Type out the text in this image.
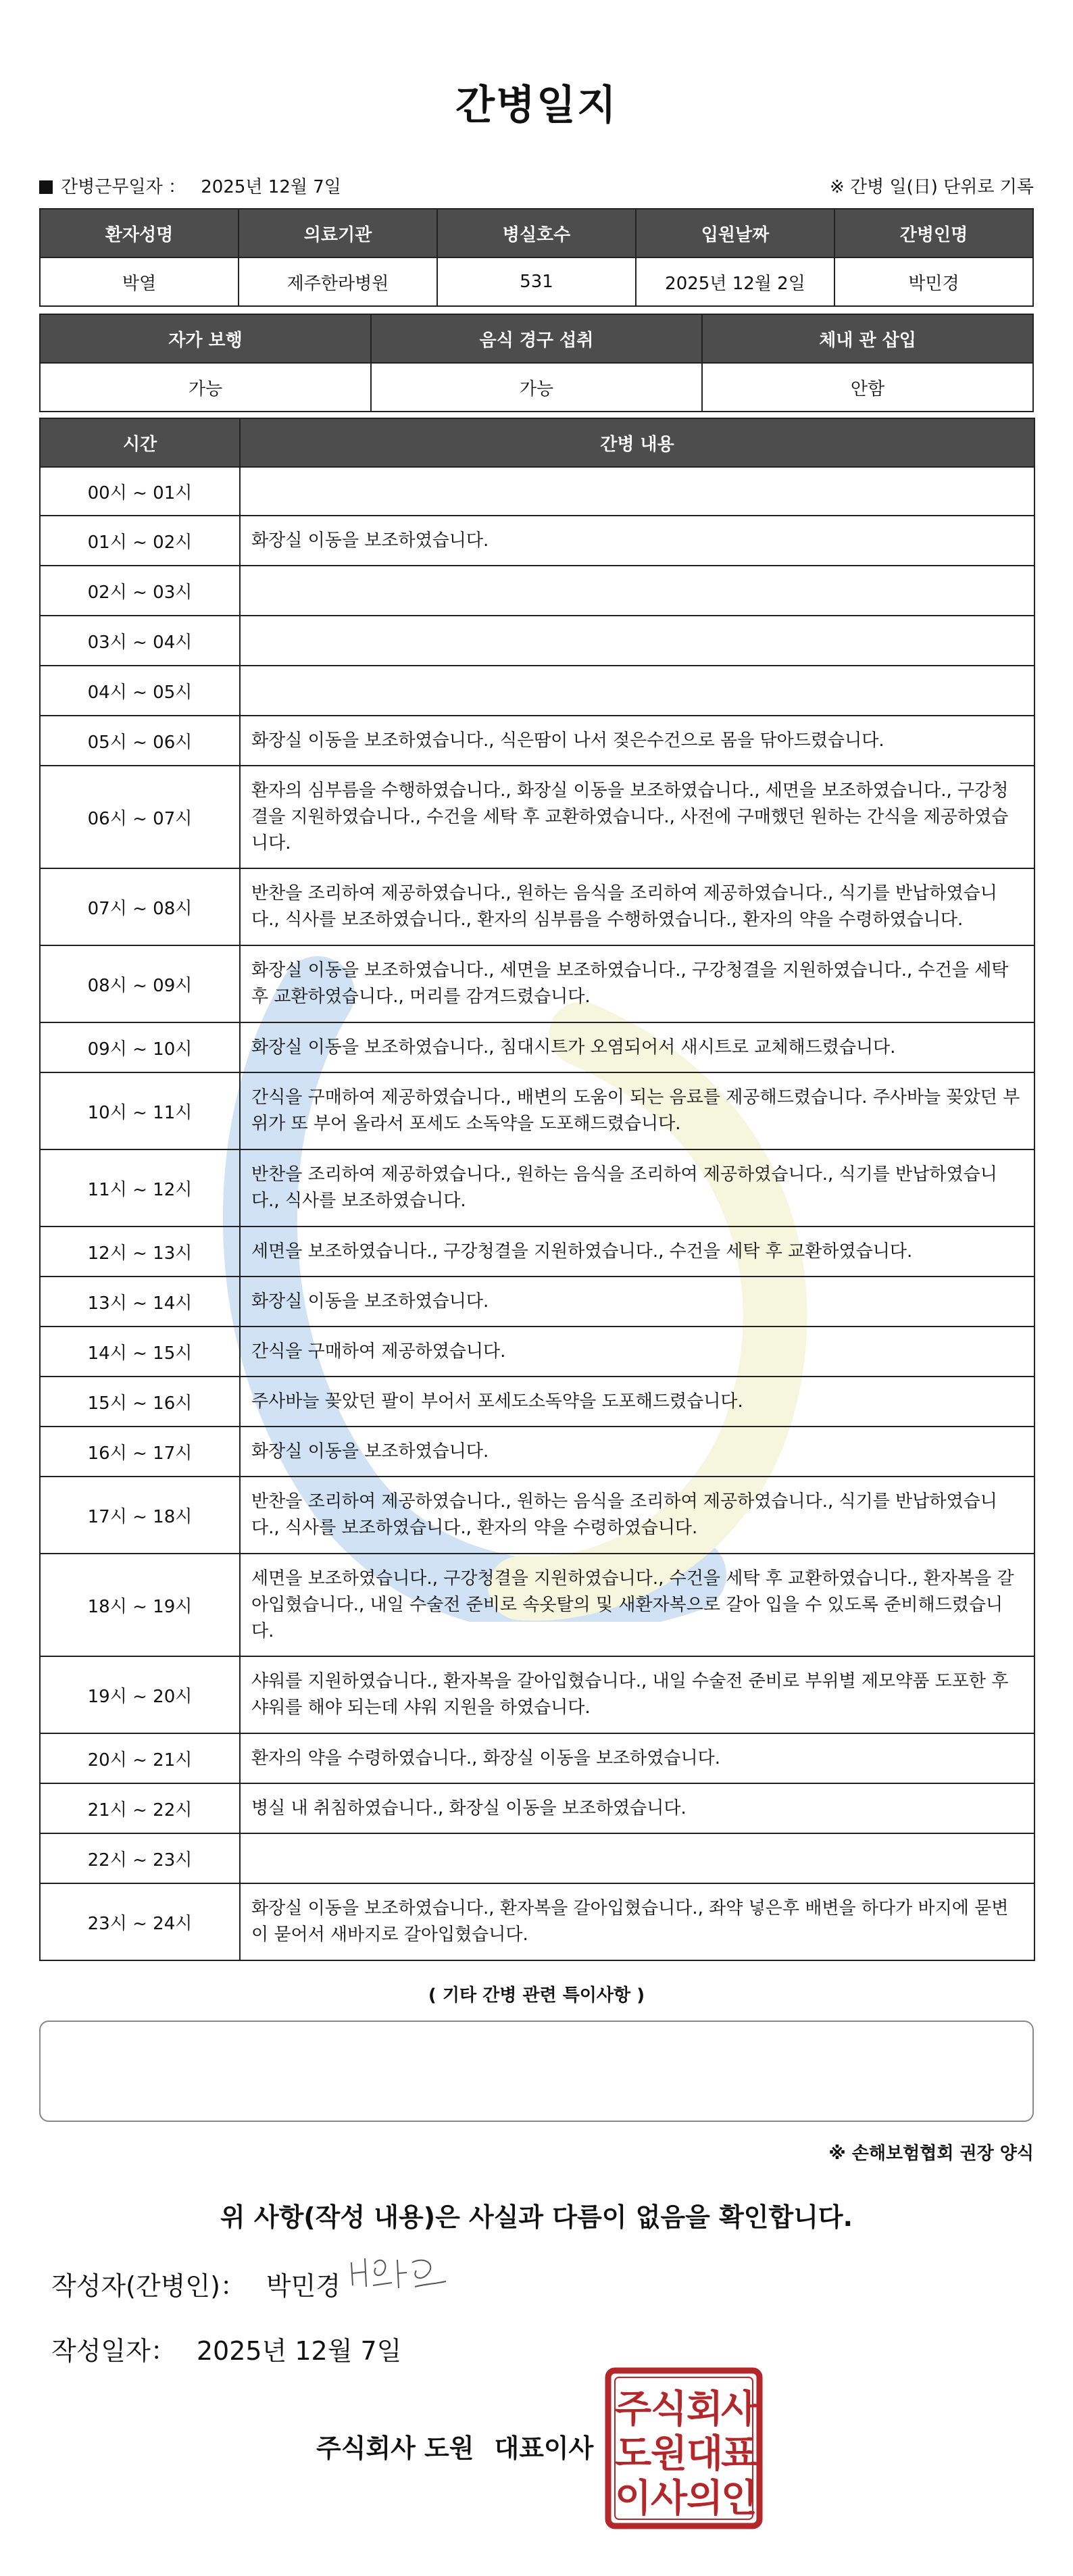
간병일지
간병근무일자 ： 2025년 12월 7일	※ 간병 일(日) 단위로 기록
환자성명	의료기관	병실호수	입원날짜	간병인명
박열	제주한라병원	531	2025년 12월 2일	박민경
자가 보행	음식 경구 섭취	체내 관 삽입
가능	가능	안함
시간	간병 내용
00시 ~ 01시	
01시 ~ 02시	화장실 이동을 보조하였습니다.
02시 ~ 03시	
03시 ~ 04시	
04시 ~ 05시	
05시 ~ 06시	화장실 이동을 보조하였습니다., 식은땀이 나서 젖은수건으로 몸을 닦아드렸습니다.
06시 ~ 07시	환자의 심부름을 수행하였습니다., 화장실 이동을 보조하였습니다., 세면을 보조하였습니다., 구강청결을 지원하였습니다., 수건을 세탁 후 교환하였습니다., 사전에 구매했던 원하는 간식을 제공하였습니다.
07시 ~ 08시	반찬을 조리하여 제공하였습니다., 원하는 음식을 조리하여 제공하였습니다., 식기를 반납하였습니다., 식사를 보조하였습니다., 환자의 심부름을 수행하였습니다., 환자의 약을 수령하였습니다.
08시 ~ 09시	화장실 이동을 보조하였습니다., 세면을 보조하였습니다., 구강청결을 지원하였습니다., 수건을 세탁 후 교환하였습니다., 머리를 감겨드렸습니다.
09시 ~ 10시	화장실 이동을 보조하였습니다., 침대시트가 오염되어서 새시트로 교체해드렸습니다.
10시 ~ 11시	간식을 구매하여 제공하였습니다., 배변의 도움이 되는 음료를 제공해드렸습니다. 주사바늘 꽂았던 부위가 또 부어 올라서 포세도 소독약을 도포해드렸습니다.
11시 ~ 12시	반찬을 조리하여 제공하였습니다., 원하는 음식을 조리하여 제공하였습니다., 식기를 반납하였습니다., 식사를 보조하였습니다.
12시 ~ 13시	세면을 보조하였습니다., 구강청결을 지원하였습니다., 수건을 세탁 후 교환하였습니다.
13시 ~ 14시	화장실 이동을 보조하였습니다.
14시 ~ 15시	간식을 구매하여 제공하였습니다.
15시 ~ 16시	주사바늘 꽂았던 팔이 부어서 포세도소독약을 도포해드렸습니다.
16시 ~ 17시	화장실 이동을 보조하였습니다.
17시 ~ 18시	반찬을 조리하여 제공하였습니다., 원하는 음식을 조리하여 제공하였습니다., 식기를 반납하였습니다., 식사를 보조하였습니다., 환자의 약을 수령하였습니다.
18시 ~ 19시	세면을 보조하였습니다., 구강청결을 지원하였습니다., 수건을 세탁 후 교환하였습니다., 환자복을 갈아입혔습니다., 내일 수술전 준비로 속옷탈의 및 새환자복으로 갈아 입을 수 있도록 준비해드렸습니다.
19시 ~ 20시	샤워를 지원하였습니다., 환자복을 갈아입혔습니다., 내일 수술전 준비로 부위별 제모약품 도포한 후 샤워를 해야 되는데 샤워 지원을 하였습니다.
20시 ~ 21시	환자의 약을 수령하였습니다., 화장실 이동을 보조하였습니다.
21시 ~ 22시	병실 내 취침하였습니다., 화장실 이동을 보조하였습니다.
22시 ~ 23시	
23시 ~ 24시	화장실 이동을 보조하였습니다., 환자복을 갈아입혔습니다., 좌약 넣은후 배변을 하다가 바지에 묻변이 묻어서 새바지로 갈아입혔습니다.
( 기타 간병 관련 특이사항 )
※ 손해보험협회 권장 양식
위 사항(작성 내용)은 사실과 다름이 없음을 확인합니다.
작성자(간병인)： 박민경
작성일자： 2025년 12월 7일
주식회사 도원 대표이사
주
식
회
사
도
원
대
표
이
사
의
인
